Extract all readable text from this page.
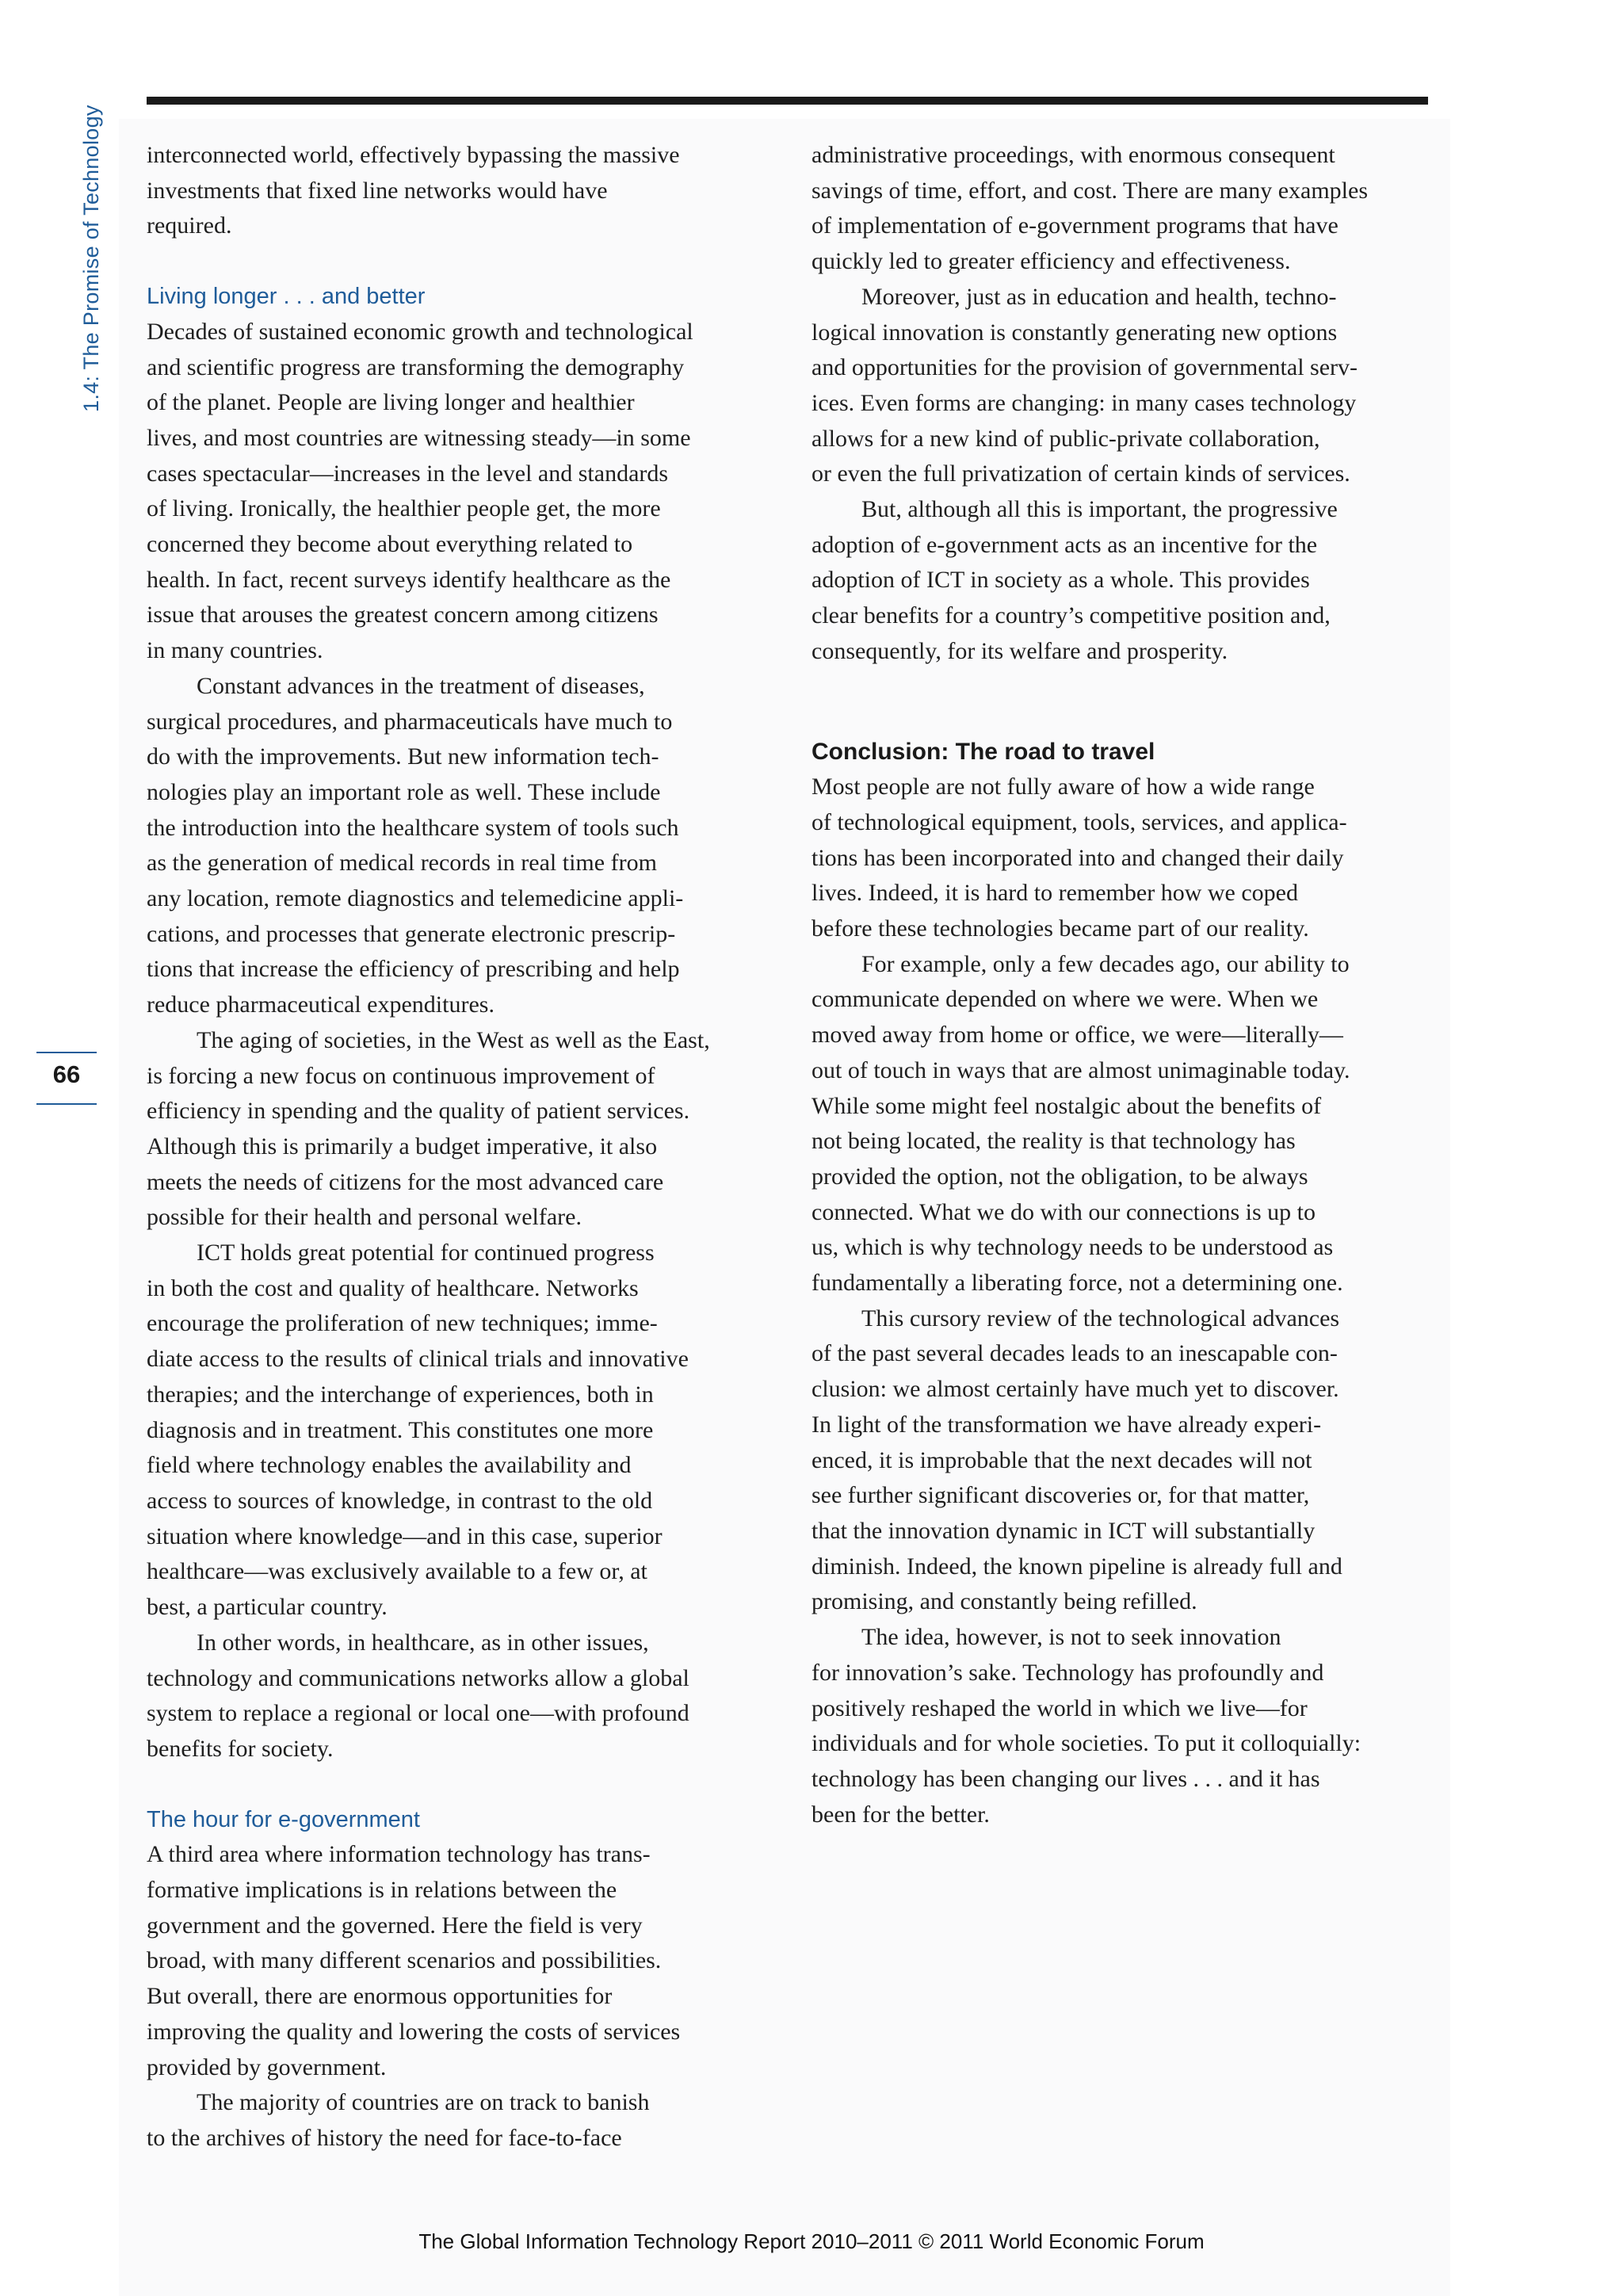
1.4: The Promise of Technology
66

interconnected world, effectively bypassing the massive
investments that fixed line networks would have
required.

Living longer . . . and better

Decades of sustained economic growth and technological
and scientific progress are transforming the demography
of the planet. People are living longer and healthier
lives, and most countries are witnessing steady—in some
cases spectacular—increases in the level and standards
of living. Ironically, the healthier people get, the more
concerned they become about everything related to
health. In fact, recent surveys identify healthcare as the
issue that arouses the greatest concern among citizens
in many countries.

Constant advances in the treatment of diseases,
surgical procedures, and pharmaceuticals have much to
do with the improvements. But new information tech-
nologies play an important role as well. These include
the introduction into the healthcare system of tools such
as the generation of medical records in real time from
any location, remote diagnostics and telemedicine appli-
cations, and processes that generate electronic prescrip-
tions that increase the efficiency of prescribing and help
reduce pharmaceutical expenditures.

The aging of societies, in the West as well as the East,
is forcing a new focus on continuous improvement of
efficiency in spending and the quality of patient services.
Although this is primarily a budget imperative, it also
meets the needs of citizens for the most advanced care
possible for their health and personal welfare.

ICT holds great potential for continued progress
in both the cost and quality of healthcare. Networks
encourage the proliferation of new techniques; imme-
diate access to the results of clinical trials and innovative
therapies; and the interchange of experiences, both in
diagnosis and in treatment. This constitutes one more
field where technology enables the availability and
access to sources of knowledge, in contrast to the old
situation where knowledge—and in this case, superior
healthcare—was exclusively available to a few or, at
best, a particular country.

In other words, in healthcare, as in other issues,
technology and communications networks allow a global
system to replace a regional or local one—with profound
benefits for society.

The hour for e-government

A third area where information technology has trans-
formative implications is in relations between the
government and the governed. Here the field is very
broad, with many different scenarios and possibilities.
But overall, there are enormous opportunities for
improving the quality and lowering the costs of services
provided by government.

The majority of countries are on track to banish
to the archives of history the need for face-to-face

administrative proceedings, with enormous consequent
savings of time, effort, and cost. There are many examples
of implementation of e-government programs that have
quickly led to greater efficiency and effectiveness.

Moreover, just as in education and health, techno-
logical innovation is constantly generating new options
and opportunities for the provision of governmental serv-
ices. Even forms are changing: in many cases technology
allows for a new kind of public-private collaboration,
or even the full privatization of certain kinds of services.

But, although all this is important, the progressive
adoption of e-government acts as an incentive for the
adoption of ICT in society as a whole. This provides
clear benefits for a country’s competitive position and,
consequently, for its welfare and prosperity.

Conclusion: The road to travel

Most people are not fully aware of how a wide range
of technological equipment, tools, services, and applica-
tions has been incorporated into and changed their daily
lives. Indeed, it is hard to remember how we coped
before these technologies became part of our reality.

For example, only a few decades ago, our ability to
communicate depended on where we were. When we
moved away from home or office, we were—literally—
out of touch in ways that are almost unimaginable today.
While some might feel nostalgic about the benefits of
not being located, the reality is that technology has
provided the option, not the obligation, to be always
connected. What we do with our connections is up to
us, which is why technology needs to be understood as
fundamentally a liberating force, not a determining one.

This cursory review of the technological advances
of the past several decades leads to an inescapable con-
clusion: we almost certainly have much yet to discover.
In light of the transformation we have already experi-
enced, it is improbable that the next decades will not
see further significant discoveries or, for that matter,
that the innovation dynamic in ICT will substantially
diminish. Indeed, the known pipeline is already full and
promising, and constantly being refilled.

The idea, however, is not to seek innovation
for innovation’s sake. Technology has profoundly and
positively reshaped the world in which we live—for
individuals and for whole societies. To put it colloquially:
technology has been changing our lives . . . and it has
been for the better.

The Global Information Technology Report 2010–2011 © 2011 World Economic Forum
